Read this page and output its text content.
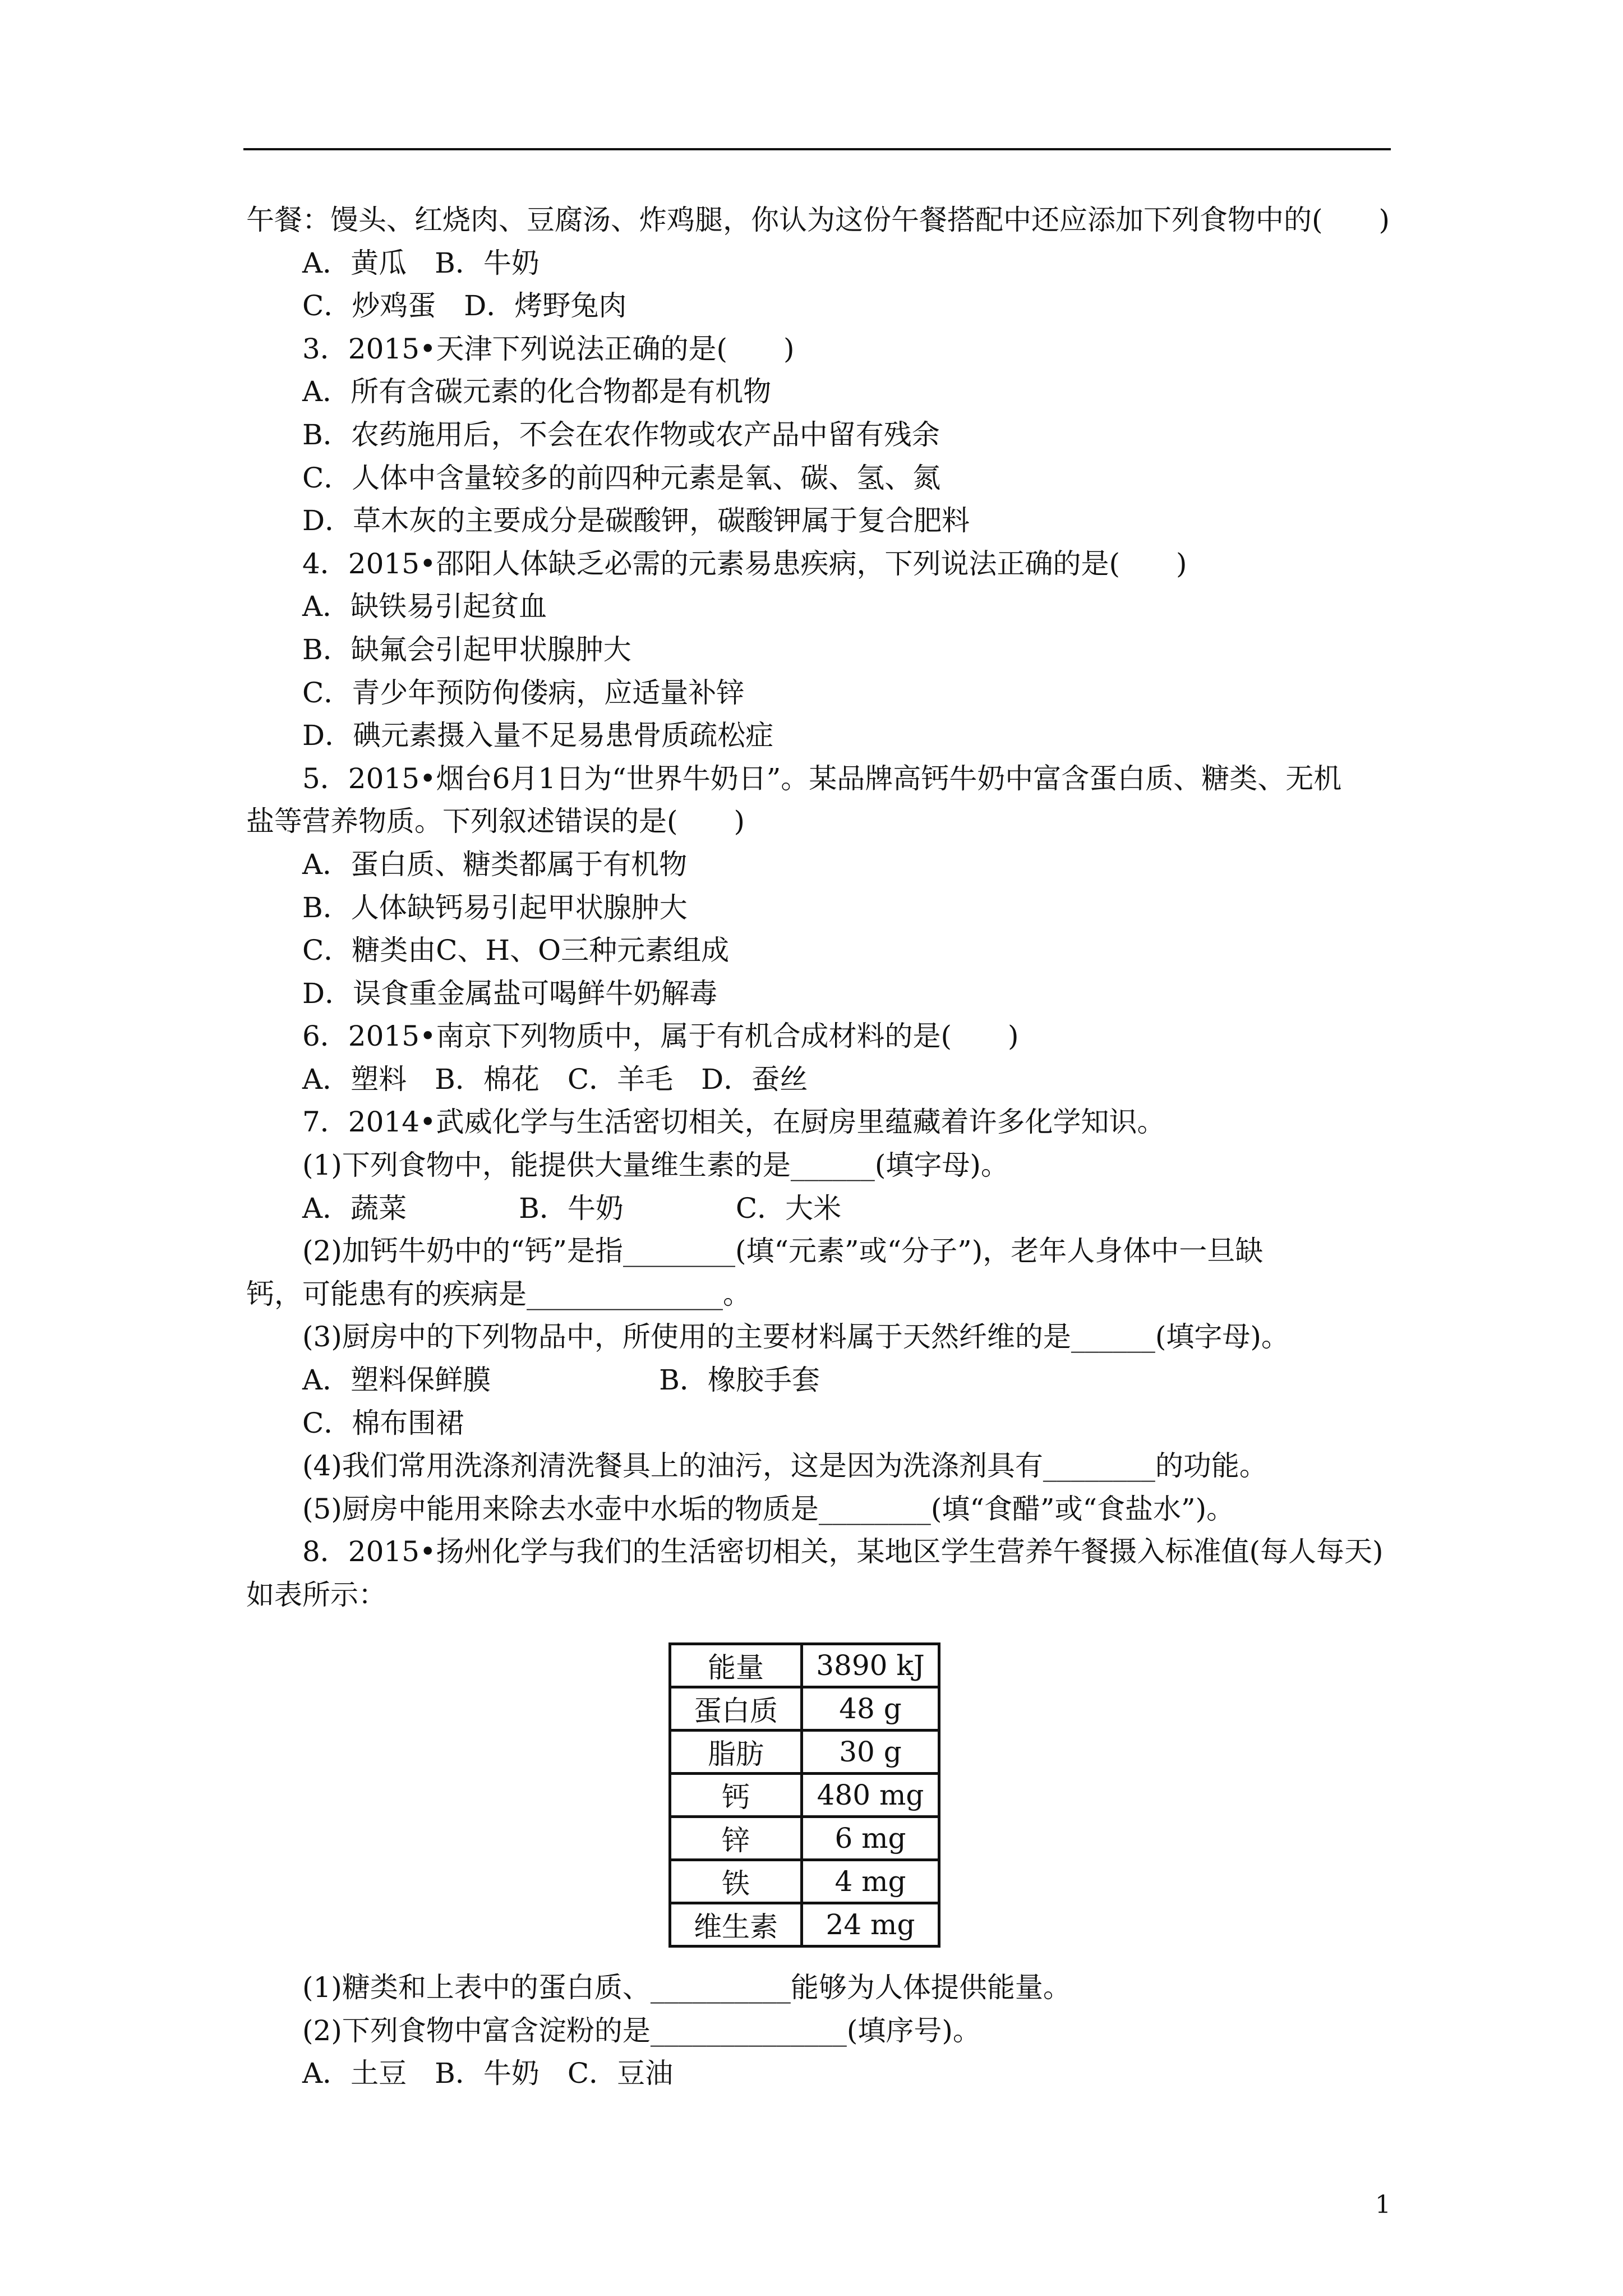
午餐：馒头、红烧肉、豆腐汤、炸鸡腿，你认为这份午餐搭配中还应添加下列食物中的(　　)
A．黄瓜　B．牛奶
C．炒鸡蛋　D．烤野兔肉
3．2015•天津下列说法正确的是(　　)
A．所有含碳元素的化合物都是有机物
B．农药施用后，不会在农作物或农产品中留有残余
C．人体中含量较多的前四种元素是氧、碳、氢、氮
D．草木灰的主要成分是碳酸钾，碳酸钾属于复合肥料
4．2015•邵阳人体缺乏必需的元素易患疾病，下列说法正确的是(　　)
A．缺铁易引起贫血
B．缺氟会引起甲状腺肿大
C．青少年预防佝偻病，应适量补锌
D．碘元素摄入量不足易患骨质疏松症
5．2015•烟台6月1日为“世界牛奶日”。某品牌高钙牛奶中富含蛋白质、糖类、无机
盐等营养物质。下列叙述错误的是(　　)
A．蛋白质、糖类都属于有机物
B．人体缺钙易引起甲状腺肿大
C．糖类由C、H、O三种元素组成
D．误食重金属盐可喝鲜牛奶解毒
6．2015•南京下列物质中，属于有机合成材料的是(　　)
A．塑料　B．棉花　C．羊毛　D．蚕丝
7．2014•武威化学与生活密切相关，在厨房里蕴藏着许多化学知识。
(1)下列食物中，能提供大量维生素的是______(填字母)。
A．蔬菜　　　　B．牛奶　　　　C．大米
(2)加钙牛奶中的“钙”是指________(填“元素”或“分子”)，老年人身体中一旦缺
钙，可能患有的疾病是______________。
(3)厨房中的下列物品中，所使用的主要材料属于天然纤维的是______(填字母)。
A．塑料保鲜膜　　　　　　B．橡胶手套
C．棉布围裙
(4)我们常用洗涤剂清洗餐具上的油污，这是因为洗涤剂具有________的功能。
(5)厨房中能用来除去水壶中水垢的物质是________(填“食醋”或“食盐水”)。
8．2015•扬州化学与我们的生活密切相关，某地区学生营养午餐摄入标准值(每人每天)
如表所示：
能量	3890 kJ
蛋白质	48 g
脂肪	30 g
钙	480 mg
锌	6 mg
铁	4 mg
维生素	24 mg
(1)糖类和上表中的蛋白质、__________能够为人体提供能量。
(2)下列食物中富含淀粉的是______________(填序号)。
A．土豆　B．牛奶　C．豆油
1
